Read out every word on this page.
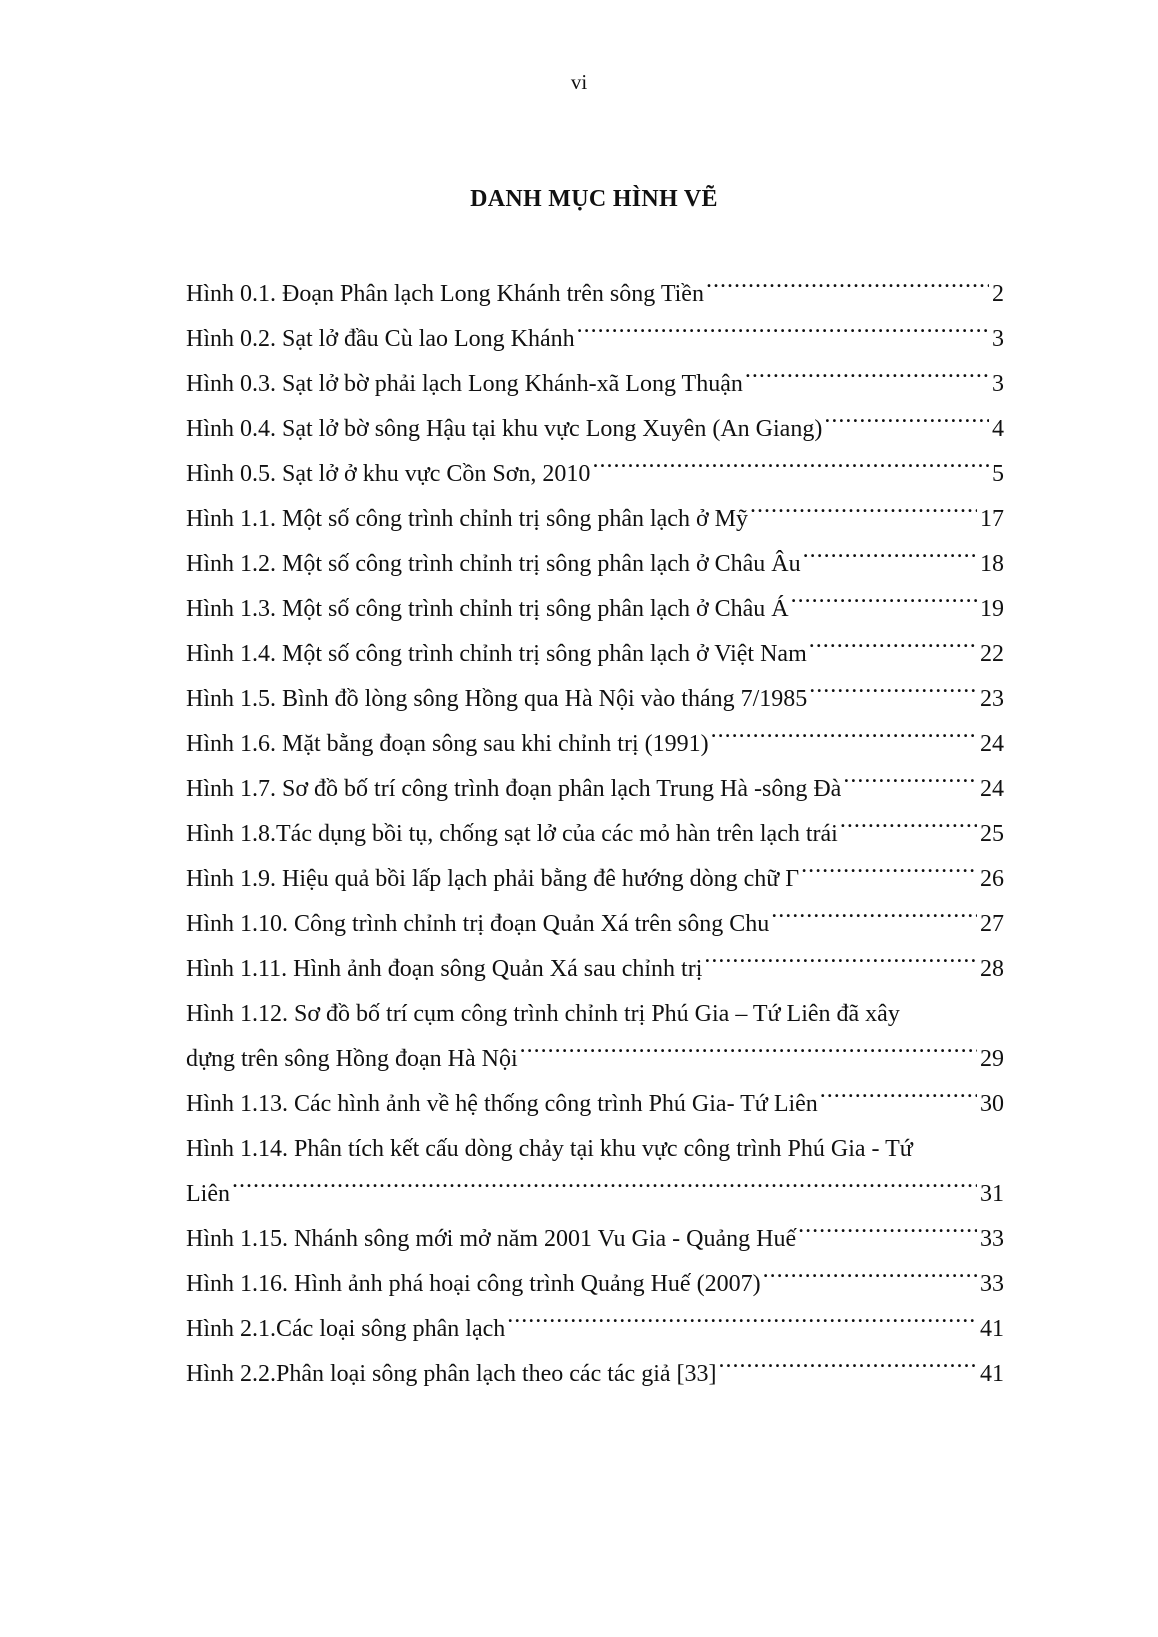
vi
DANH MỤC HÌNH VẼ
Hình 0.1. Đoạn Phân lạch Long Khánh trên sông Tiền .....	2
Hình 0.2. Sạt lở đầu Cù lao Long Khánh .....	3
Hình 0.3. Sạt lở bờ phải lạch Long Khánh-xã Long Thuận .....	3
Hình 0.4. Sạt lở bờ sông Hậu tại khu vực Long Xuyên (An Giang) .....	4
Hình 0.5. Sạt lở ở khu vực Cồn Sơn, 2010 .....	5
Hình 1.1. Một số công trình chỉnh trị sông phân lạch ở Mỹ .....	17
Hình 1.2. Một số công trình chỉnh trị sông phân lạch ở Châu Âu .....	18
Hình 1.3. Một số công trình chỉnh trị sông phân lạch ở Châu Á .....	19
Hình 1.4. Một số công trình chỉnh trị sông phân lạch ở Việt Nam .....	22
Hình 1.5. Bình đồ lòng sông Hồng qua Hà Nội vào tháng 7/1985 .....	23
Hình 1.6. Mặt bằng đoạn sông sau khi chỉnh trị (1991) .....	24
Hình 1.7. Sơ đồ bố trí công trình đoạn phân lạch Trung Hà -sông Đà .....	24
Hình 1.8.Tác dụng bồi tụ, chống sạt lở của các mỏ hàn trên lạch trái .....	25
Hình 1.9. Hiệu quả bồi lấp lạch phải bằng đê hướng dòng chữ Γ .....	26
Hình 1.10. Công trình chỉnh trị đoạn Quản Xá trên sông Chu .....	27
Hình 1.11. Hình ảnh đoạn sông Quản Xá sau chỉnh trị .....	28
Hình 1.12. Sơ đồ bố trí cụm công trình chỉnh trị Phú Gia – Tứ Liên đã xây
dựng trên sông Hồng đoạn Hà Nội .....	29
Hình 1.13. Các hình ảnh về hệ thống công trình Phú Gia- Tứ Liên .....	30
Hình 1.14. Phân tích kết cấu dòng chảy tại khu vực công trình Phú Gia - Tứ
Liên .....	31
Hình 1.15. Nhánh sông mới mở năm 2001 Vu Gia - Quảng Huế .....	33
Hình 1.16. Hình ảnh phá hoại công trình Quảng Huế (2007) .....	33
Hình 2.1.Các loại sông phân lạch .....	41
Hình 2.2.Phân loại sông phân lạch theo các tác giả [33] .....	41
